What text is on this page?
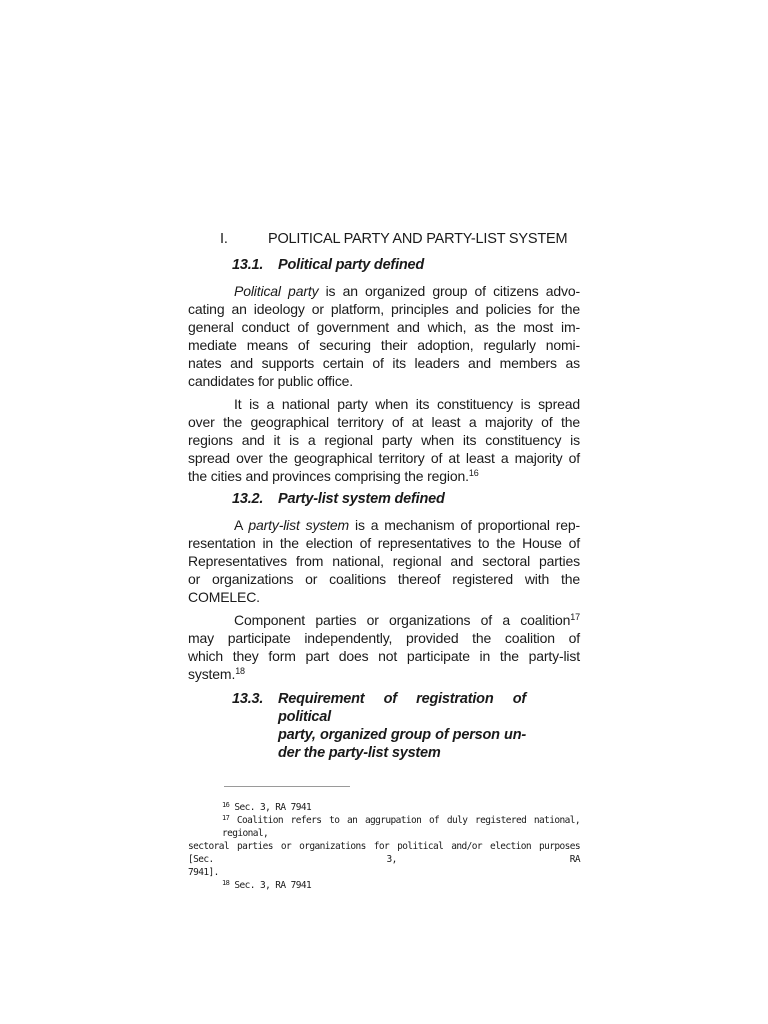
I.	POLITICAL PARTY AND PARTY-LIST SYSTEM
13.1. Political party defined
Political party is an organized group of citizens advo-
cating an ideology or platform, principles and policies for the
general conduct of government and which, as the most im-
mediate means of securing their adoption, regularly nomi-
nates and supports certain of its leaders and members as
candidates for public office.
It is a national party when its constituency is spread
over the geographical territory of at least a majority of the
regions and it is a regional party when its constituency is
spread over the geographical territory of at least a majority of
the cities and provinces comprising the region.$^{16}$
13.2. Party-list system defined
A party-list system is a mechanism of proportional rep-
resentation in the election of representatives to the House of
Representatives from national, regional and sectoral parties
or organizations or coalitions thereof registered with the
COMELEC.
Component parties or organizations of a coalition$^{17}$
may participate independently, provided the coalition of
which they form part does not participate in the party-list
system.$^{18}$
13.3. Requirement of registration of political
party, organized group of person un-
der the party-list system
$^{16}$ Sec. 3, RA 7941
$^{17}$ Coalition refers to an aggrupation of duly registered national, regional,
sectoral parties or organizations for political and/or election purposes [Sec. 3, RA
7941].
$^{18}$ Sec. 3, RA 7941
